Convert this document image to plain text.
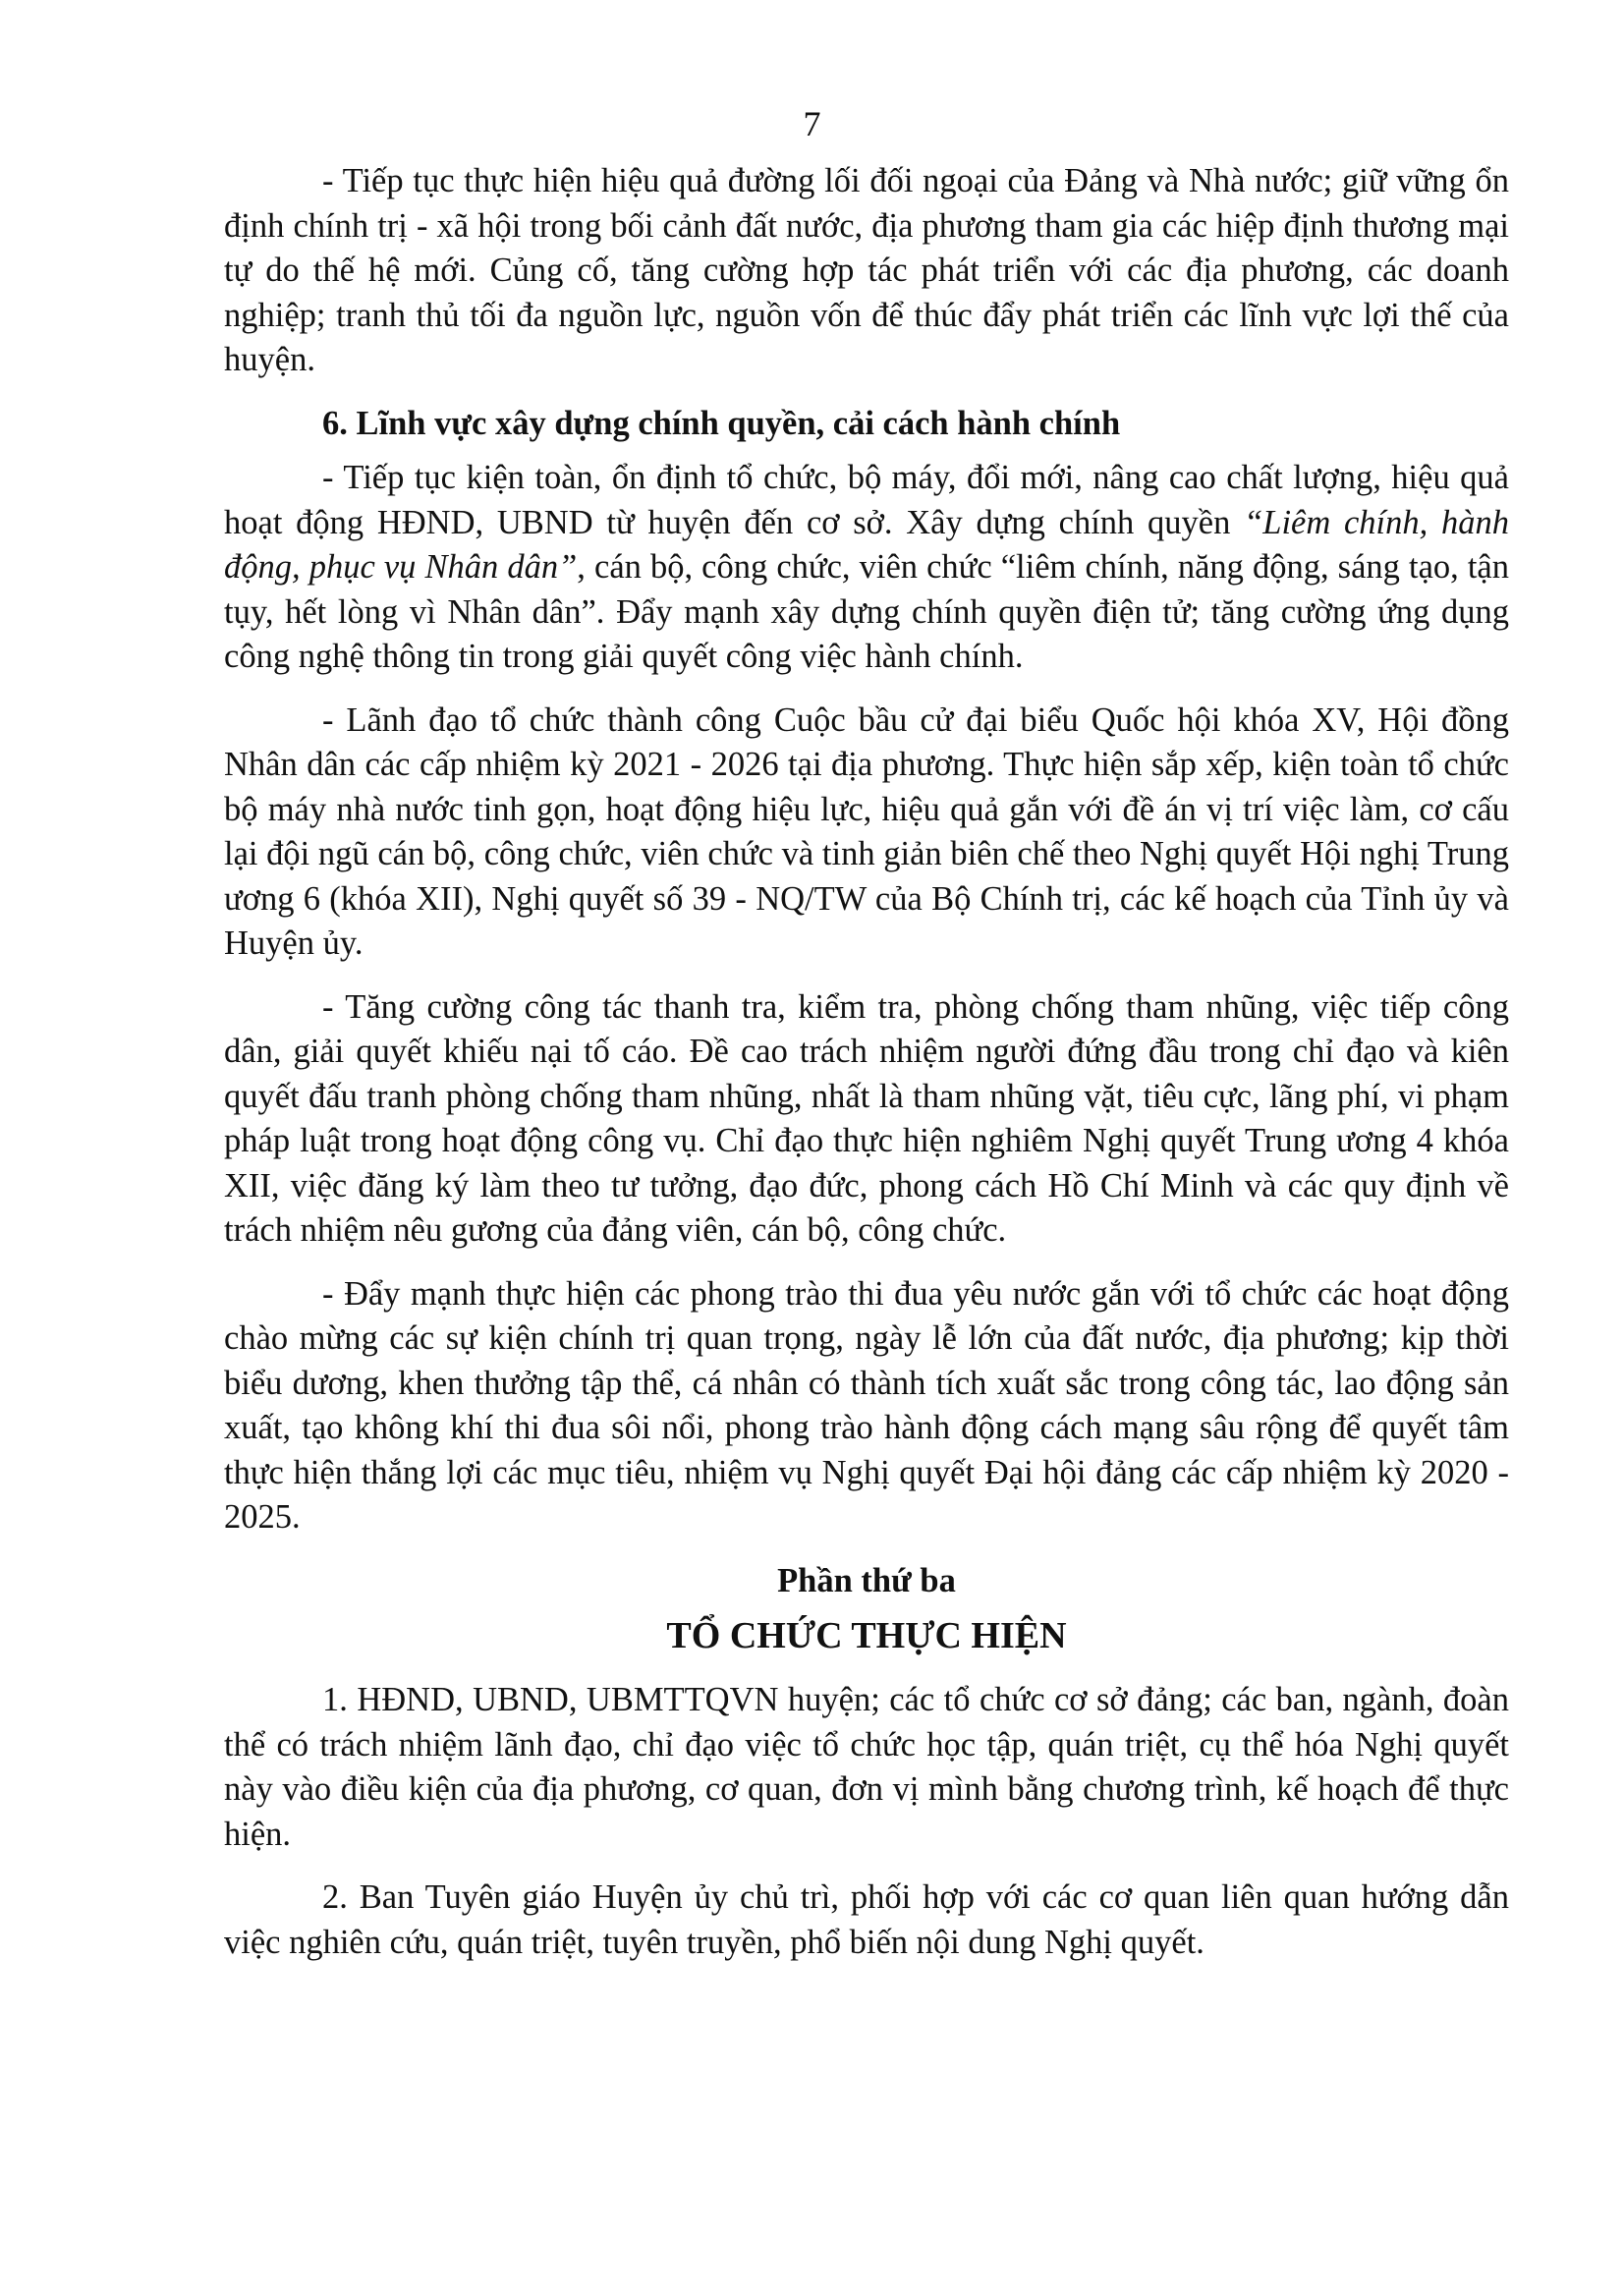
7

- Tiếp tục thực hiện hiệu quả đường lối đối ngoại của Đảng và Nhà nước; giữ vững ổn định chính trị - xã hội trong bối cảnh đất nước, địa phương tham gia các hiệp định thương mại tự do thế hệ mới. Củng cố, tăng cường hợp tác phát triển với các địa phương, các doanh nghiệp; tranh thủ tối đa nguồn lực, nguồn vốn để thúc đẩy phát triển các lĩnh vực lợi thế của huyện.

6. Lĩnh vực xây dựng chính quyền, cải cách hành chính

- Tiếp tục kiện toàn, ổn định tổ chức, bộ máy, đổi mới, nâng cao chất lượng, hiệu quả hoạt động HĐND, UBND từ huyện đến cơ sở. Xây dựng chính quyền “Liêm chính, hành động, phục vụ Nhân dân”, cán bộ, công chức, viên chức “liêm chính, năng động, sáng tạo, tận tụy, hết lòng vì Nhân dân”. Đẩy mạnh xây dựng chính quyền điện tử; tăng cường ứng dụng công nghệ thông tin trong giải quyết công việc hành chính.

- Lãnh đạo tổ chức thành công Cuộc bầu cử đại biểu Quốc hội khóa XV, Hội đồng Nhân dân các cấp nhiệm kỳ 2021 - 2026 tại địa phương. Thực hiện sắp xếp, kiện toàn tổ chức bộ máy nhà nước tinh gọn, hoạt động hiệu lực, hiệu quả gắn với đề án vị trí việc làm, cơ cấu lại đội ngũ cán bộ, công chức, viên chức và tinh giản biên chế theo Nghị quyết Hội nghị Trung ương 6 (khóa XII), Nghị quyết số 39 - NQ/TW của Bộ Chính trị, các kế hoạch của Tỉnh ủy và Huyện ủy.

- Tăng cường công tác thanh tra, kiểm tra, phòng chống tham nhũng, việc tiếp công dân, giải quyết khiếu nại tố cáo. Đề cao trách nhiệm người đứng đầu trong chỉ đạo và kiên quyết đấu tranh phòng chống tham nhũng, nhất là tham nhũng vặt, tiêu cực, lãng phí, vi phạm pháp luật trong hoạt động công vụ. Chỉ đạo thực hiện nghiêm Nghị quyết Trung ương 4 khóa XII, việc đăng ký làm theo tư tưởng, đạo đức, phong cách Hồ Chí Minh và các quy định về trách nhiệm nêu gương của đảng viên, cán bộ, công chức.

- Đẩy mạnh thực hiện các phong trào thi đua yêu nước gắn với tổ chức các hoạt động chào mừng các sự kiện chính trị quan trọng, ngày lễ lớn của đất nước, địa phương; kịp thời biểu dương, khen thưởng tập thể, cá nhân có thành tích xuất sắc trong công tác, lao động sản xuất, tạo không khí thi đua sôi nổi, phong trào hành động cách mạng sâu rộng để quyết tâm thực hiện thắng lợi các mục tiêu, nhiệm vụ Nghị quyết Đại hội đảng các cấp nhiệm kỳ 2020 - 2025.

Phần thứ ba
TỔ CHỨC THỰC HIỆN

1. HĐND, UBND, UBMTTQVN huyện; các tổ chức cơ sở đảng; các ban, ngành, đoàn thể có trách nhiệm lãnh đạo, chỉ đạo việc tổ chức học tập, quán triệt, cụ thể hóa Nghị quyết này vào điều kiện của địa phương, cơ quan, đơn vị mình bằng chương trình, kế hoạch để thực hiện.

2. Ban Tuyên giáo Huyện ủy chủ trì, phối hợp với các cơ quan liên quan hướng dẫn việc nghiên cứu, quán triệt, tuyên truyền, phổ biến nội dung Nghị quyết.
